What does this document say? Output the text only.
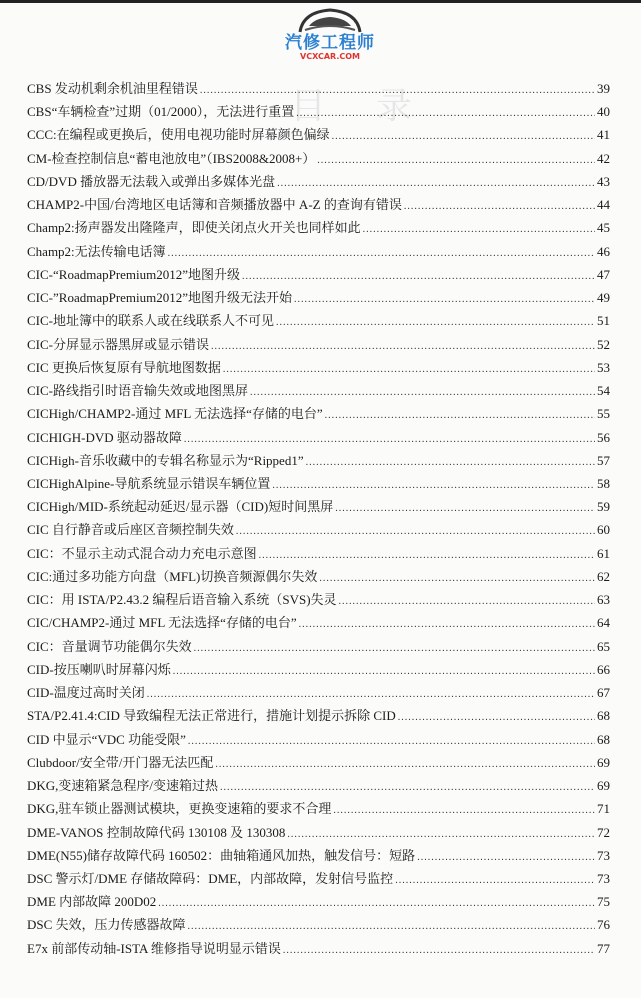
汽修工程师
VCXCAR.COM
目录
CBS 发动机剩余机油里程错误 .....	39
CBS“车辆检查”过期（01/2000），无法进行重置 .....	40
CCC:在编程或更换后，使用电视功能时屏幕颜色偏绿 .....	41
CM-检查控制信息“蓄电池放电”（IBS2008&2008+） .....	42
CD/DVD 播放器无法载入或弹出多媒体光盘 .....	43
CHAMP2-中国/台湾地区电话簿和音频播放器中 A-Z 的查询有错误 .....	44
Champ2:扬声器发出隆隆声，即使关闭点火开关也同样如此 .....	45
Champ2:无法传输电话簿 .....	46
CIC-“RoadmapPremium2012”地图升级 .....	47
CIC-”RoadmapPremium2012”地图升级无法开始 .....	49
CIC-地址簿中的联系人或在线联系人不可见 .....	51
CIC-分屏显示器黑屏或显示错误 .....	52
CIC 更换后恢复原有导航地图数据 .....	53
CIC-路线指引时语音输失效或地图黑屏 .....	54
CICHigh/CHAMP2-通过 MFL 无法选择“存储的电台” .....	55
CICHIGH-DVD 驱动器故障 .....	56
CICHigh-音乐收藏中的专辑名称显示为“Ripped1” .....	57
CICHighAlpine-导航系统显示错误车辆位置 .....	58
CICHigh/MID-系统起动延迟/显示器（CID)短时间黑屏 .....	59
CIC 自行静音或后座区音频控制失效 .....	60
CIC：不显示主动式混合动力充电示意图 .....	61
CIC:通过多功能方向盘（MFL)切换音频源偶尔失效 .....	62
CIC：用 ISTA/P2.43.2 编程后语音输入系统（SVS)失灵 .....	63
CIC/CHAMP2-通过 MFL 无法选择“存储的电台” .....	64
CIC：音量调节功能偶尔失效 .....	65
CID-按压喇叭时屏幕闪烁 .....	66
CID-温度过高时关闭 .....	67
STA/P2.41.4:CID 导致编程无法正常进行，措施计划提示拆除 CID .....	68
CID 中显示“VDC 功能受限” .....	68
Clubdoor/安全带/开门器无法匹配 .....	69
DKG,变速箱紧急程序/变速箱过热 .....	69
DKG,驻车锁止器测试模块，更换变速箱的要求不合理 .....	71
DME-VANOS 控制故障代码 130108 及 130308 .....	72
DME(N55)储存故障代码 160502：曲轴箱通风加热，触发信号：短路 .....	73
DSC 警示灯/DME 存储故障码：DME，内部故障，发射信号监控 .....	73
DME 内部故障 200D02 .....	75
DSC 失效，压力传感器故障 .....	76
E7x 前部传动轴-ISTA 维修指导说明显示错误 .....	77
